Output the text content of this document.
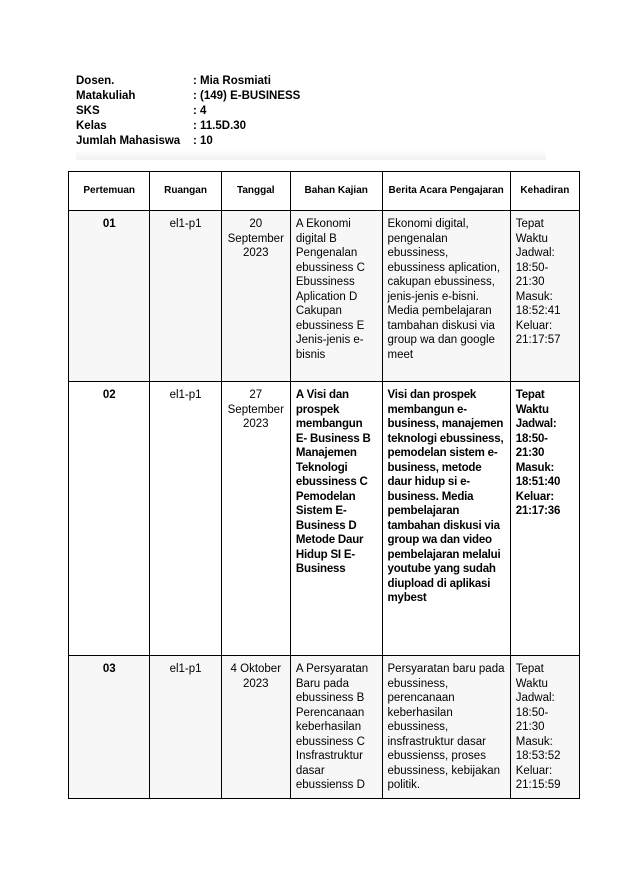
Dosen.	: Mia Rosmiati
Matakuliah	: (149) E-BUSINESS
SKS	: 4
Kelas	: 11.5D.30
Jumlah Mahasiswa	: 10
Pertemuan	Ruangan	Tanggal	Bahan Kajian	Berita Acara Pengajaran	Kehadiran
01	el1-p1	20 September 2023	A Ekonomi digital B Pengenalan ebussiness C Ebussiness Aplication D Cakupan ebussiness E Jenis-jenis e-bisnis	Ekonomi digital, pengenalan ebussiness, ebussiness aplication, cakupan ebussiness, jenis-jenis e-bisni. Media pembelajaran tambahan diskusi via group wa dan google meet	Tepat Waktu Jadwal: 18:50-21:30 Masuk: 18:52:41 Keluar: 21:17:57
02	el1-p1	27 September 2023	A Visi dan prospek membangun E- Business B Manajemen Teknologi ebussiness C Pemodelan Sistem E-Business D Metode Daur Hidup SI E-Business	Visi dan prospek membangun e-business, manajemen teknologi ebussiness, pemodelan sistem e- business, metode daur hidup si e-business. Media pembelajaran tambahan diskusi via group wa dan video pembelajaran melalui youtube yang sudah diupload di aplikasi mybest	Tepat Waktu Jadwal: 18:50-21:30 Masuk: 18:51:40 Keluar: 21:17:36
03	el1-p1	4 Oktober 2023	A Persyaratan Baru pada ebussiness B Perencanaan keberhasilan ebussiness C Insfrastruktur dasar ebussienss D	Persyaratan baru pada ebussiness, perencanaan keberhasilan ebussiness, insfrastruktur dasar ebussienss, proses ebussiness, kebijakan politik.	Tepat Waktu Jadwal: 18:50-21:30 Masuk: 18:53:52 Keluar: 21:15:59
